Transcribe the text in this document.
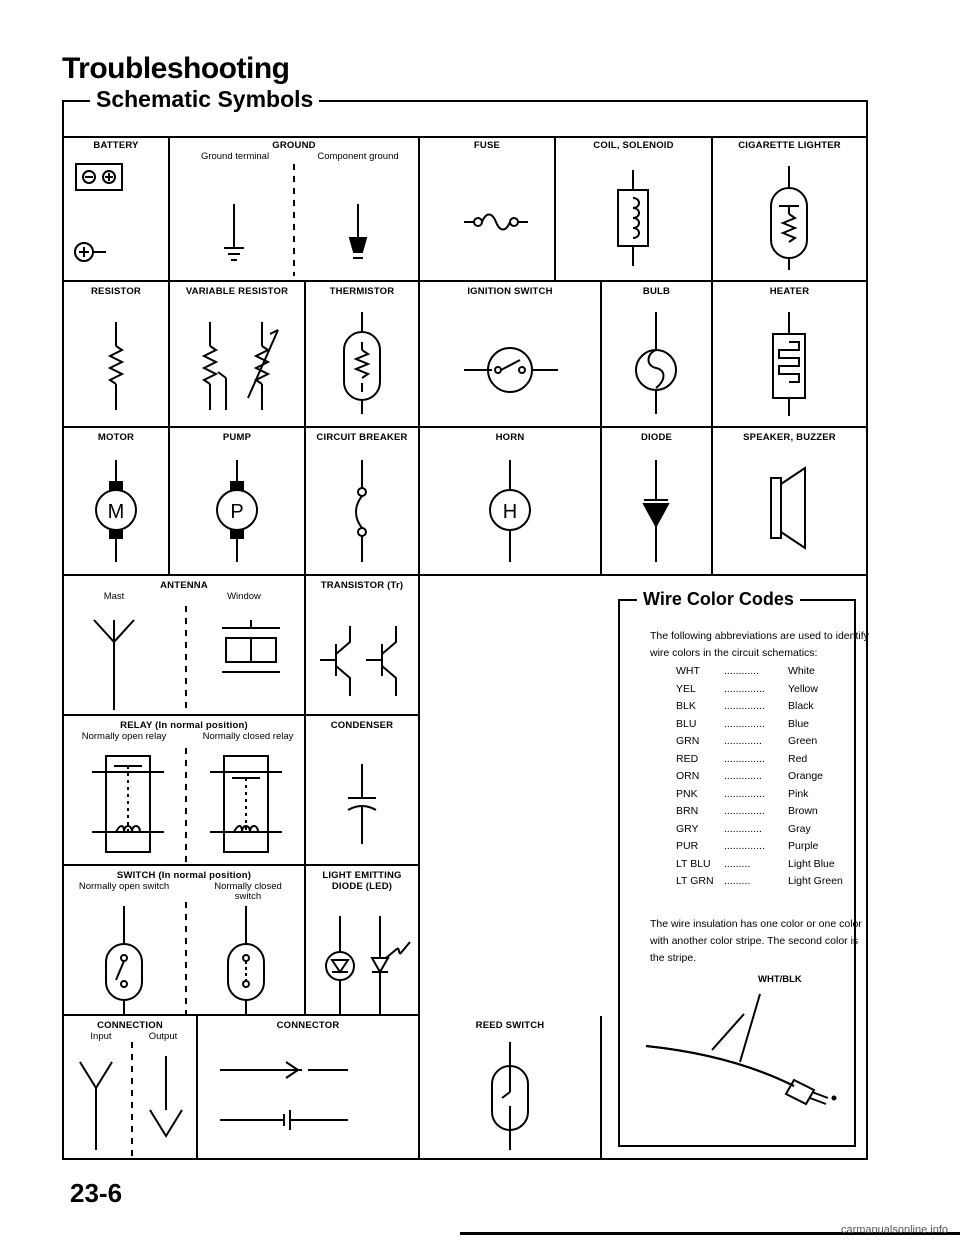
Troubleshooting
Schematic Symbols
BATTERY	GROUND
Ground terminal	Component ground
FUSE	COIL, SOLENOID	CIGARETTE LIGHTER
RESISTOR	VARIABLE RESISTOR	THERMISTOR	IGNITION SWITCH	BULB	HEATER
MOTOR
M
PUMP
P
CIRCUIT BREAKER	HORN
H
DIODE	SPEAKER, BUZZER
ANTENNA
Mast	Window
TRANSISTOR (Tr)
RELAY (In normal position)
Normally open relay	Normally closed relay
CONDENSER
SWITCH (In normal position)
Normally open switch	Normally closed switch
LIGHT EMITTING DIODE (LED)
CONNECTION
Input	Output
CONNECTOR	REED SWITCH
Wire Color Codes
The following abbreviations are used to identify wire colors in the circuit schematics:
WHT ............	White
YEL	.............. Yellow
BLK	.............. Black
BLU	.............. Blue
GRN ............. Green
RED .............. Red
ORN ............. Orange
PNK	.............. Pink
BRN .............. Brown
GRY ............. Gray
PUR .............. Purple
LT BLU .........	Light Blue
LT GRN .........	Light Green
The wire insulation has one color or one color with another color stripe. The second color is the stripe.
WHT/BLK
23-6
carmanualsonline.info
